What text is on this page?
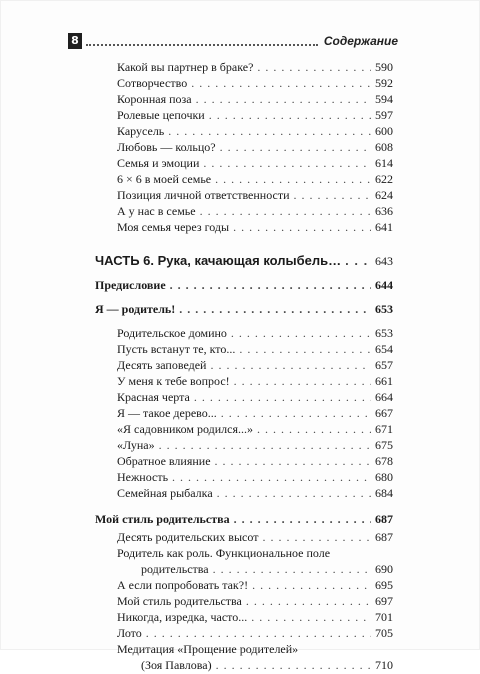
8	Содержание
Какой вы партнер в браке? . . .	590
Сотворчество . . .	592
Коронная поза . . .	594
Ролевые цепочки . . .	597
Карусель . . .	600
Любовь — кольцо? . . .	608
Семья и эмоции . . .	614
6 × 6 в моей семье . . .	622
Позиция личной ответственности . . .	624
А у нас в семье . . .	636
Моя семья через годы . . .	641
ЧАСТЬ 6. Рука, качающая колыбель… . . .	643
Предисловие . . .	644
Я — родитель! . . .	653
Родительское домино . . .	653
Пусть встанут те, кто... . . .	654
Десять заповедей . . .	657
У меня к тебе вопрос! . . .	661
Красная черта . . .	664
Я — такое дерево... . . .	667
«Я садовником родился...» . . .	671
«Луна» . . .	675
Обратное влияние . . .	678
Нежность . . .	680
Семейная рыбалка . . .	684
Мой стиль родительства . . .	687
Десять родительских высот . . .	687
Родитель как роль. Функциональное поле
родительства . . .	690
А если попробовать так?! . . .	695
Мой стиль родительства . . .	697
Никогда, изредка, часто... . . .	701
Лото . . .	705
Медитация «Прощение родителей»
(Зоя Павлова) . . .	710
